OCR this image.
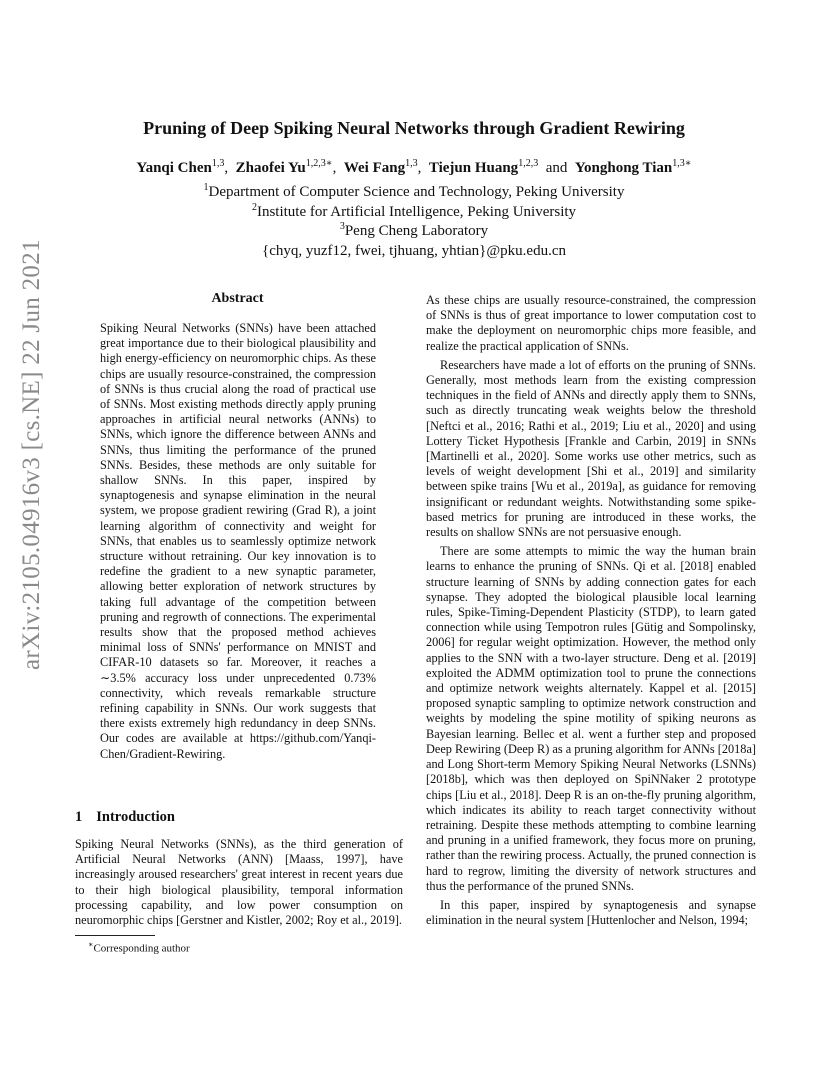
arXiv:2105.04916v3 [cs.NE] 22 Jun 2021
Pruning of Deep Spiking Neural Networks through Gradient Rewiring
Yanqi Chen$^{1,3}$, Zhaofei $Yu^{1,2,3∗}$, Wei Fang$^{1,3}$, Tiejun Huang$^{1,2,3}$ and Yonghong Tian$^{1,3∗}$
$^1$Department of Computer Science and Technology, Peking University
$^2$Institute for Artificial Intelligence, Peking University
$^3$Peng Cheng Laboratory
{chyq, yuzf12, fwei, tjhuang, yhtian}@pku.edu.cn
Abstract

Spiking Neural Networks (SNNs) have been attached great importance due to their biological plausibility and high energy-efficiency on neuromorphic chips. As these chips are usually resource-constrained, the compression of SNNs is thus crucial along the road of practical use of SNNs. Most existing methods directly apply pruning approaches in artificial neural networks (ANNs) to SNNs, which ignore the difference between ANNs and SNNs, thus limiting the performance of the pruned SNNs. Besides, these methods are only suitable for shallow SNNs. In this paper, inspired by synaptogenesis and synapse elimination in the neural system, we propose gradient rewiring (Grad R), a joint learning algorithm of connectivity and weight for SNNs, that enables us to seamlessly optimize network structure without retraining. Our key innovation is to redefine the gradient to a new synaptic parameter, allowing better exploration of network structures by taking full advantage of the competition between pruning and regrowth of connections. The experimental results show that the proposed method achieves minimal loss of SNNs' performance on MNIST and CIFAR-10 datasets so far. Moreover, it reaches a ∼3.5% accuracy loss under unprecedented 0.73% connectivity, which reveals remarkable structure refining capability in SNNs. Our work suggests that there exists extremely high redundancy in deep SNNs. Our codes are available at https://github.com/Yanqi-Chen/Gradient-Rewiring.

1 Introduction

Spiking Neural Networks (SNNs), as the third generation of Artificial Neural Networks (ANN) [Maass, 1997], have increasingly aroused researchers' great interest in recent years due to their high biological plausibility, temporal information processing capability, and low power consumption on neuromorphic chips [Gerstner and Kistler, 2002; Roy et al., 2019].

∗Corresponding author

As these chips are usually resource-constrained, the compression of SNNs is thus of great importance to lower computation cost to make the deployment on neuromorphic chips more feasible, and realize the practical application of SNNs.

Researchers have made a lot of efforts on the pruning of SNNs. Generally, most methods learn from the existing compression techniques in the field of ANNs and directly apply them to SNNs, such as directly truncating weak weights below the threshold [Neftci et al., 2016; Rathi et al., 2019; Liu et al., 2020] and using Lottery Ticket Hypothesis [Frankle and Carbin, 2019] in SNNs [Martinelli et al., 2020]. Some works use other metrics, such as levels of weight development [Shi et al., 2019] and similarity between spike trains [Wu et al., 2019a], as guidance for removing insignificant or redundant weights. Notwithstanding some spike-based metrics for pruning are introduced in these works, the results on shallow SNNs are not persuasive enough.

There are some attempts to mimic the way the human brain learns to enhance the pruning of SNNs. Qi et al. [2018] enabled structure learning of SNNs by adding connection gates for each synapse. They adopted the biological plausible local learning rules, Spike-Timing-Dependent Plasticity (STDP), to learn gated connection while using Tempotron rules [Gütig and Sompolinsky, 2006] for regular weight optimization. However, the method only applies to the SNN with a two-layer structure. Deng et al. [2019] exploited the ADMM optimization tool to prune the connections and optimize network weights alternately. Kappel et al. [2015] proposed synaptic sampling to optimize network construction and weights by modeling the spine motility of spiking neurons as Bayesian learning. Bellec et al. went a further step and proposed Deep Rewiring (Deep R) as a pruning algorithm for ANNs [2018a] and Long Short-term Memory Spiking Neural Networks (LSNNs) [2018b], which was then deployed on SpiNNaker 2 prototype chips [Liu et al., 2018]. Deep R is an on-the-fly pruning algorithm, which indicates its ability to reach target connectivity without retraining. Despite these methods attempting to combine learning and pruning in a unified framework, they focus more on pruning, rather than the rewiring process. Actually, the pruned connection is hard to regrow, limiting the diversity of network structures and thus the performance of the pruned SNNs.

In this paper, inspired by synaptogenesis and synapse elimination in the neural system [Huttenlocher and Nelson, 1994;
